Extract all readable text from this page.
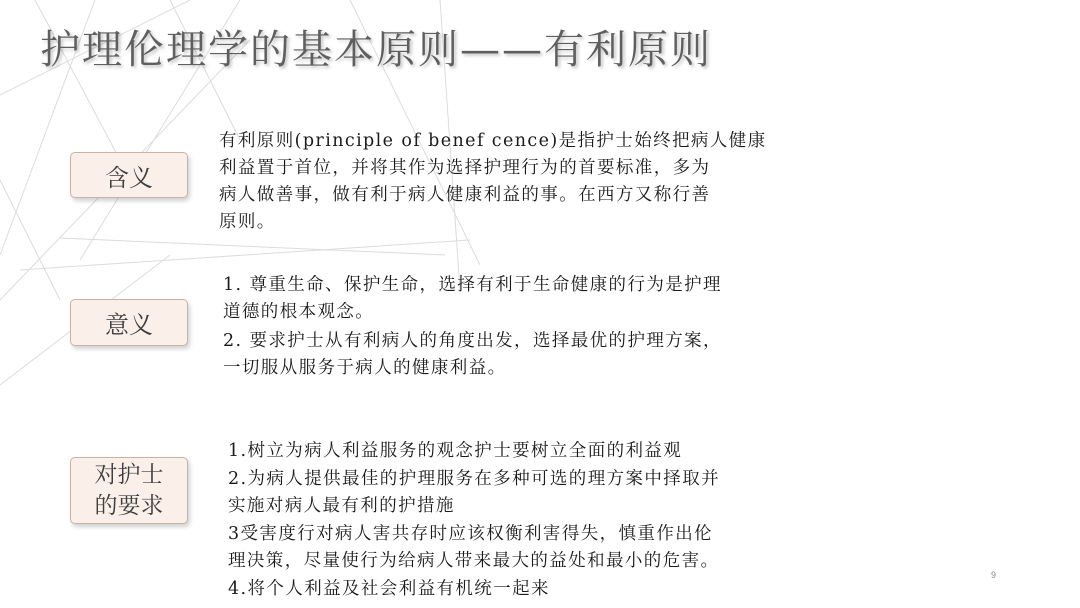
护理伦理学的基本原则——有利原则
含义

有利原则(principle of benef cence)是指护士始终把病人健康
利益置于首位，并将其作为选择护理行为的首要标准，多为
病人做善事，做有利于病人健康利益的事。在西方又称行善
原则。

意义

1. 尊重生命、保护生命，选择有利于生命健康的行为是护理
道德的根本观念。

2. 要求护士从有利病人的角度出发，选择最优的护理方案，
一切服从服务于病人的健康利益。

对护士
的要求

1.树立为病人利益服务的观念护士要树立全面的利益观

2.为病人提供最佳的护理服务在多种可选的理方案中择取并
实施对病人最有利的护措施

3受害度行对病人害共存时应该权衡利害得失，慎重作出伦
理决策，尽量使行为给病人带来最大的益处和最小的危害。

4.将个人利益及社会利益有机统一起来

9
